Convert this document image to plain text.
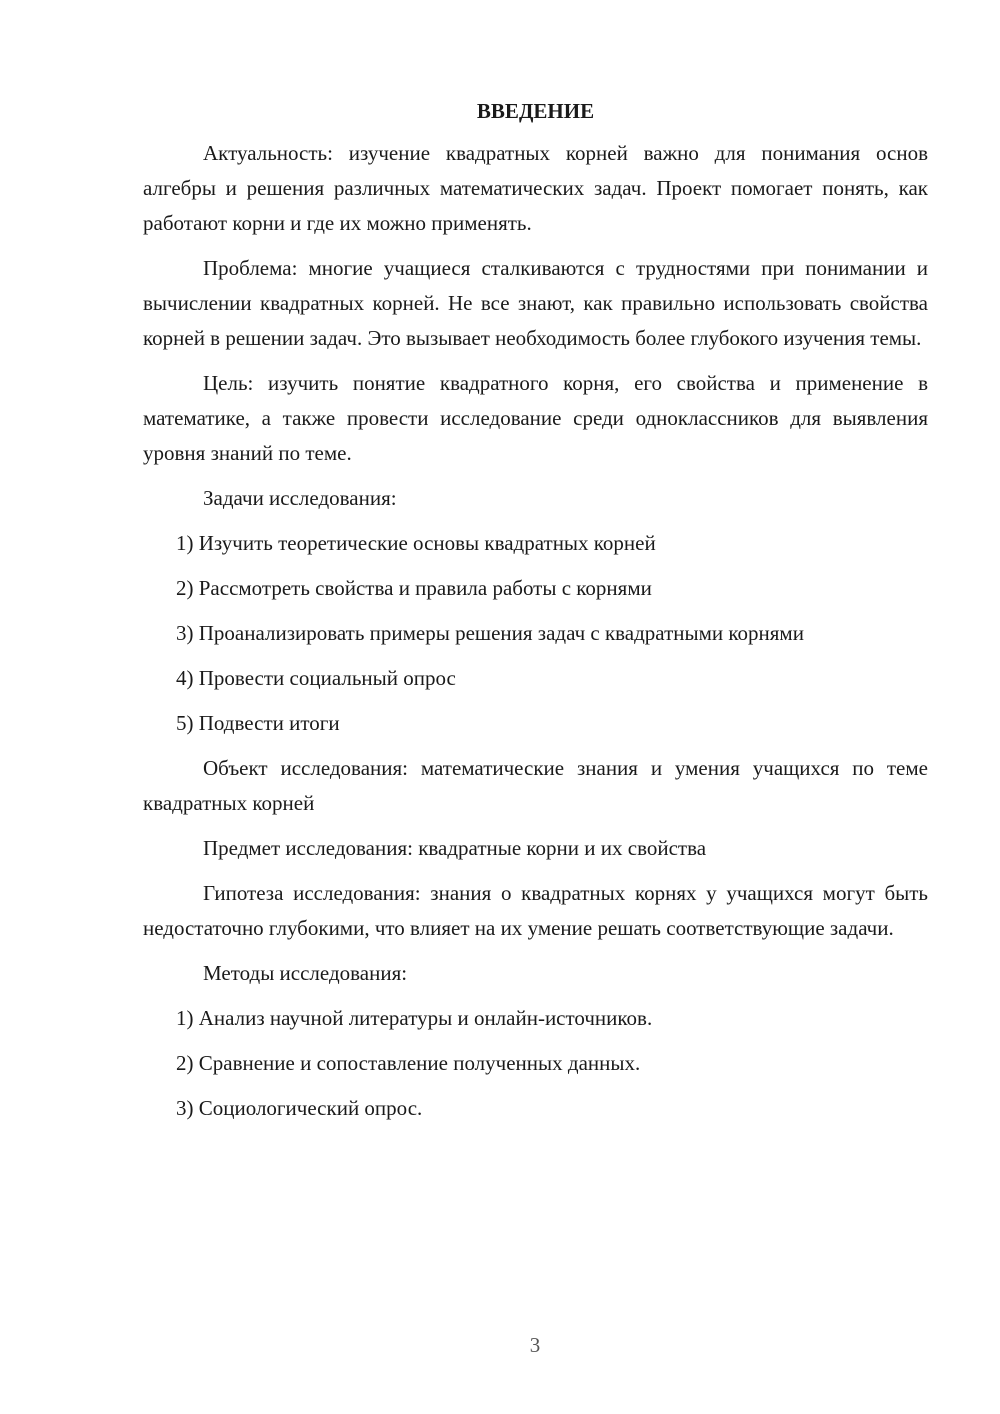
ВВЕДЕНИЕ

Актуальность: изучение квадратных корней важно для понимания основ алгебры и решения различных математических задач. Проект помогает понять, как работают корни и где их можно применять.

Проблема: многие учащиеся сталкиваются с трудностями при понимании и вычислении квадратных корней. Не все знают, как правильно использовать свойства корней в решении задач. Это вызывает необходимость более глубокого изучения темы.

Цель: изучить понятие квадратного корня, его свойства и применение в математике, а также провести исследование среди одноклассников для выявления уровня знаний по теме.

Задачи исследования:

1) Изучить теоретические основы квадратных корней
2) Рассмотреть свойства и правила работы с корнями
3) Проанализировать примеры решения задач с квадратными корнями
4) Провести социальный опрос
5) Подвести итоги

Объект исследования: математические знания и умения учащихся по теме квадратных корней

Предмет исследования: квадратные корни и их свойства

Гипотеза исследования: знания о квадратных корнях у учащихся могут быть недостаточно глубокими, что влияет на их умение решать соответствующие задачи.

Методы исследования:

1) Анализ научной литературы и онлайн-источников.
2) Сравнение и сопоставление полученных данных.
3) Социологический опрос.
3
